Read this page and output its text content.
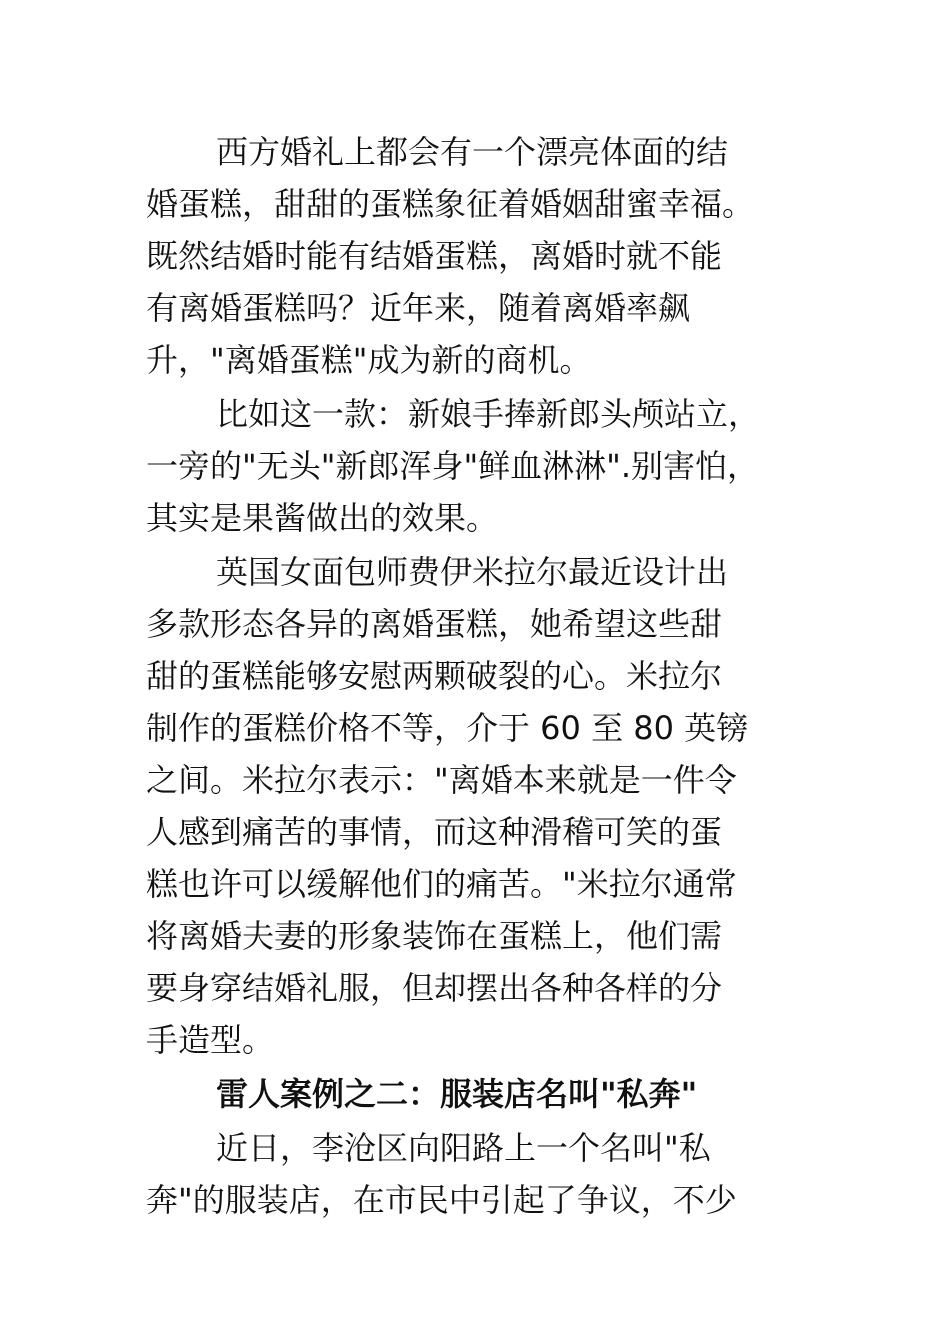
西方婚礼上都会有一个漂亮体面的结
婚蛋糕，甜甜的蛋糕象征着婚姻甜蜜幸福。
既然结婚时能有结婚蛋糕，离婚时就不能
有离婚蛋糕吗？近年来，随着离婚率飙
升，"离婚蛋糕"成为新的商机。
比如这一款：新娘手捧新郎头颅站立，
一旁的"无头"新郎浑身"鲜血淋淋".别害怕，
其实是果酱做出的效果。
英国女面包师费伊米拉尔最近设计出
多款形态各异的离婚蛋糕，她希望这些甜
甜的蛋糕能够安慰两颗破裂的心。米拉尔
制作的蛋糕价格不等，介于 60 至 80 英镑
之间。米拉尔表示："离婚本来就是一件令
人感到痛苦的事情，而这种滑稽可笑的蛋
糕也许可以缓解他们的痛苦。"米拉尔通常
将离婚夫妻的形象装饰在蛋糕上，他们需
要身穿结婚礼服，但却摆出各种各样的分
手造型。
雷人案例之二：服装店名叫"私奔"
近日，李沧区向阳路上一个名叫"私
奔"的服装店，在市民中引起了争议，不少
